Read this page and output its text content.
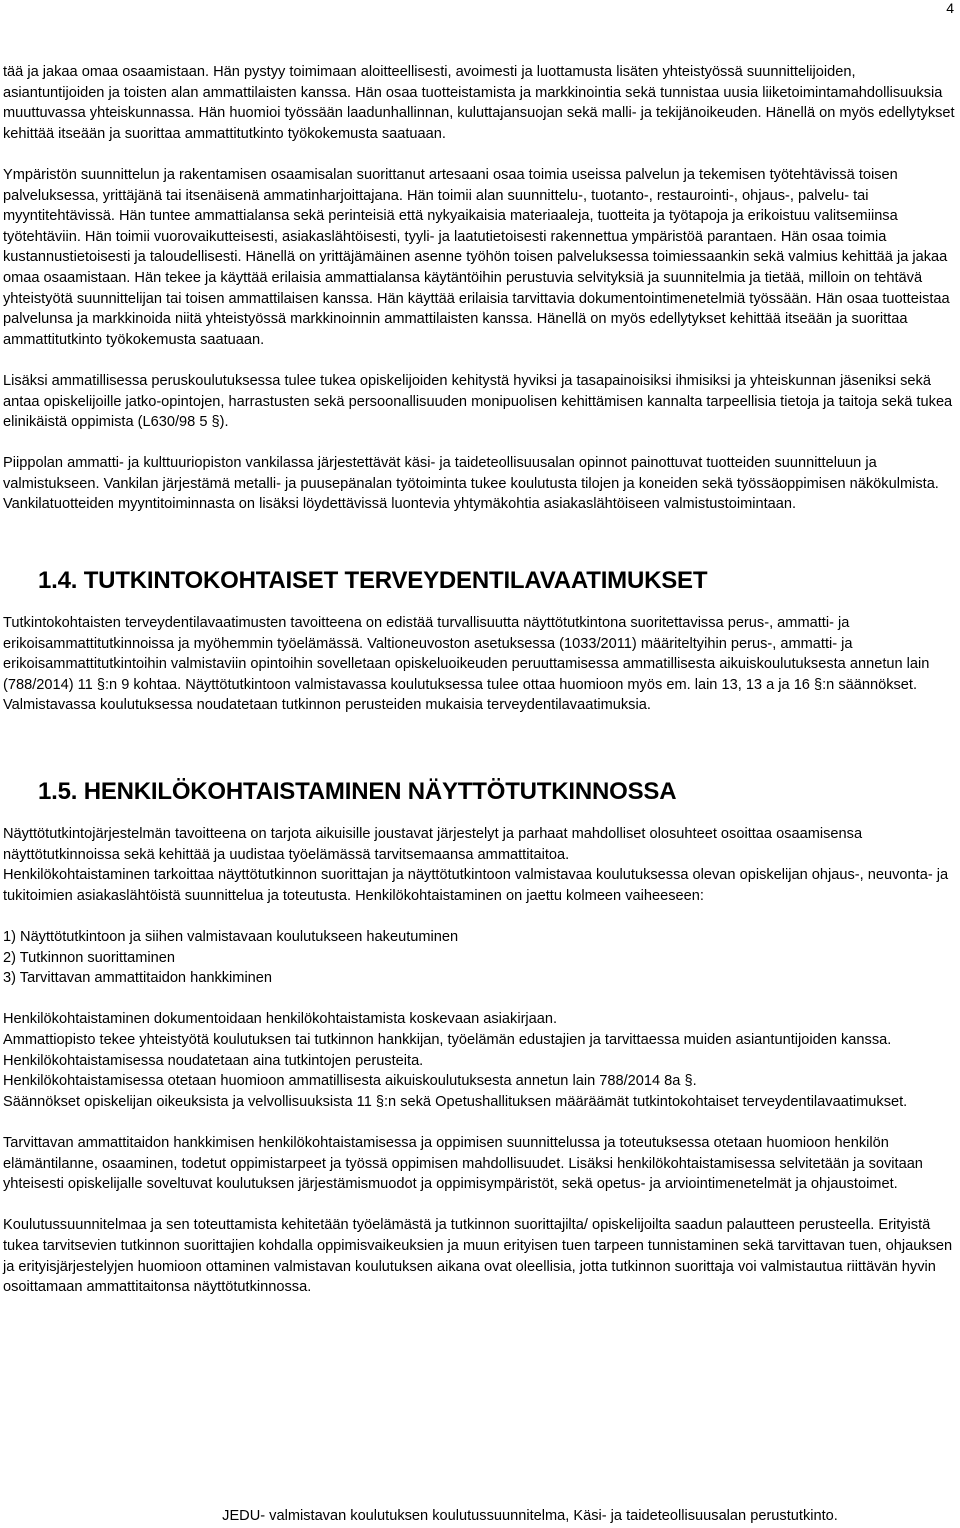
4

tää ja jakaa omaa osaamistaan. Hän pystyy toimimaan aloitteellisesti, avoimesti ja luottamusta lisäten yhteistyössä suunnittelijoiden, asiantuntijoiden ja toisten alan ammattilaisten kanssa. Hän osaa tuotteistamista ja markkinointia sekä tunnistaa uusia liiketoimintamahdollisuuksia muuttuvassa yhteiskunnassa. Hän huomioi työssään laadunhallinnan, kuluttajansuojan sekä malli- ja tekijänoikeuden. Hänellä on myös edellytykset kehittää itseään ja suorittaa ammattitutkinto työkokemusta saatuaan.

Ympäristön suunnittelun ja rakentamisen osaamisalan suorittanut artesaani osaa toimia useissa palvelun ja tekemisen työtehtävissä toisen palveluksessa, yrittäjänä tai itsenäisenä ammatinharjoittajana. Hän toimii alan suunnittelu-, tuotanto-, restaurointi-, ohjaus-, palvelu- tai myyntitehtävissä. Hän tuntee ammattialansa sekä perinteisiä että nykyaikaisia materiaaleja, tuotteita ja työtapoja ja erikoistuu valitsemiinsa työtehtäviin. Hän toimii vuorovaikutteisesti, asiakaslähtöisesti, tyyli- ja laatutietoisesti rakennettua ympäristöä parantaen. Hän osaa toimia kustannustietoisesti ja taloudellisesti. Hänellä on yrittäjämäinen asenne työhön toisen palveluksessa toimiessaankin sekä valmius kehittää ja jakaa omaa osaamistaan. Hän tekee ja käyttää erilaisia ammattialansa käytäntöihin perustuvia selvityksiä ja suunnitelmia ja tietää, milloin on tehtävä yhteistyötä suunnittelijan tai toisen ammattilaisen kanssa. Hän käyttää erilaisia tarvittavia dokumentointimenetelmiä työssään. Hän osaa tuotteistaa palvelunsa ja markkinoida niitä yhteistyössä markkinoinnin ammattilaisten kanssa. Hänellä on myös edellytykset kehittää itseään ja suorittaa ammattitutkinto työkokemusta saatuaan.

Lisäksi ammatillisessa peruskoulutuksessa tulee tukea opiskelijoiden kehitystä hyviksi ja tasapainoisiksi ihmisiksi ja yhteiskunnan jäseniksi sekä antaa opiskelijoille jatko-opintojen, harrastusten sekä persoonallisuuden monipuolisen kehittämisen kannalta tarpeellisia tietoja ja taitoja sekä tukea elinikäistä oppimista (L630/98 5 §).

Piippolan ammatti- ja kulttuuriopiston vankilassa järjestettävät käsi- ja taideteollisuusalan opinnot painottuvat tuotteiden suunnitteluun ja valmistukseen. Vankilan järjestämä metalli- ja puusepänalan työtoiminta tukee koulutusta tilojen ja koneiden sekä työssäoppimisen näkökulmista. Vankilatuotteiden myyntitoiminnasta on lisäksi löydettävissä luontevia yhtymäkohtia asiakaslähtöiseen valmistustoimintaan.

1.4. TUTKINTOKOHTAISET TERVEYDENTILAVAATIMUKSET

Tutkintokohtaisten terveydentilavaatimusten tavoitteena on edistää turvallisuutta näyttötutkintona suoritettavissa perus-, ammatti- ja erikoisammattitutkinnoissa ja myöhemmin työelämässä. Valtioneuvoston asetuksessa (1033/2011) määriteltyihin perus-, ammatti- ja erikoisammattitutkintoihin valmistaviin opintoihin sovelletaan opiskeluoikeuden peruuttamisessa ammatillisesta aikuiskoulutuksesta annetun lain (788/2014) 11 §:n 9 kohtaa. Näyttötutkintoon valmistavassa koulutuksessa tulee ottaa huomioon myös em. lain 13, 13 a ja 16 §:n säännökset. Valmistavassa koulutuksessa noudatetaan tutkinnon perusteiden mukaisia terveydentilavaatimuksia.

1.5. HENKILÖKOHTAISTAMINEN NÄYTTÖTUTKINNOSSA

Näyttötutkintojärjestelmän tavoitteena on tarjota aikuisille joustavat järjestelyt ja parhaat mahdolliset olosuhteet osoittaa osaamisensa näyttötutkinnoissa sekä kehittää ja uudistaa työelämässä tarvitsemaansa ammattitaitoa.

Henkilökohtaistaminen tarkoittaa näyttötutkinnon suorittajan ja näyttötutkintoon valmistavaa koulutuksessa olevan opiskelijan ohjaus-, neuvonta- ja tukitoimien asiakaslähtöistä suunnittelua ja toteutusta. Henkilökohtaistaminen on jaettu kolmeen vaiheeseen:

1) Näyttötutkintoon ja siihen valmistavaan koulutukseen hakeutuminen

2) Tutkinnon suorittaminen

3) Tarvittavan ammattitaidon hankkiminen

Henkilökohtaistaminen dokumentoidaan henkilökohtaistamista koskevaan asiakirjaan.

Ammattiopisto tekee yhteistyötä koulutuksen tai tutkinnon hankkijan, työelämän edustajien ja tarvittaessa muiden asiantuntijoiden kanssa. Henkilökohtaistamisessa noudatetaan aina tutkintojen perusteita.

Henkilökohtaistamisessa otetaan huomioon ammatillisesta aikuiskoulutuksesta annetun lain 788/2014 8a §.

Säännökset opiskelijan oikeuksista ja velvollisuuksista 11 §:n sekä Opetushallituksen määräämät tutkintokohtaiset terveydentilavaatimukset.

Tarvittavan ammattitaidon hankkimisen henkilökohtaistamisessa ja oppimisen suunnittelussa ja toteutuksessa otetaan huomioon henkilön elämäntilanne, osaaminen, todetut oppimistarpeet ja työssä oppimisen mahdollisuudet. Lisäksi henkilökohtaistamisessa selvitetään ja sovitaan yhteisesti opiskelijalle soveltuvat koulutuksen järjestämismuodot ja oppimisympäristöt, sekä opetus- ja arviointimenetelmät ja ohjaustoimet.

Koulutussuunnitelmaa ja sen toteuttamista kehitetään työelämästä ja tutkinnon suorittajilta/ opiskelijoilta saadun palautteen perusteella. Erityistä tukea tarvitsevien tutkinnon suorittajien kohdalla oppimisvaikeuksien ja muun erityisen tuen tarpeen tunnistaminen sekä tarvittavan tuen, ohjauksen ja erityisjärjestelyjen huomioon ottaminen valmistavan koulutuksen aikana ovat oleellisia, jotta tutkinnon suorittaja voi valmistautua riittävän hyvin osoittamaan ammattitaitonsa näyttötutkinnossa.

JEDU- valmistavan koulutuksen koulutussuunnitelma, Käsi- ja taideteollisuusalan perustutkinto.
